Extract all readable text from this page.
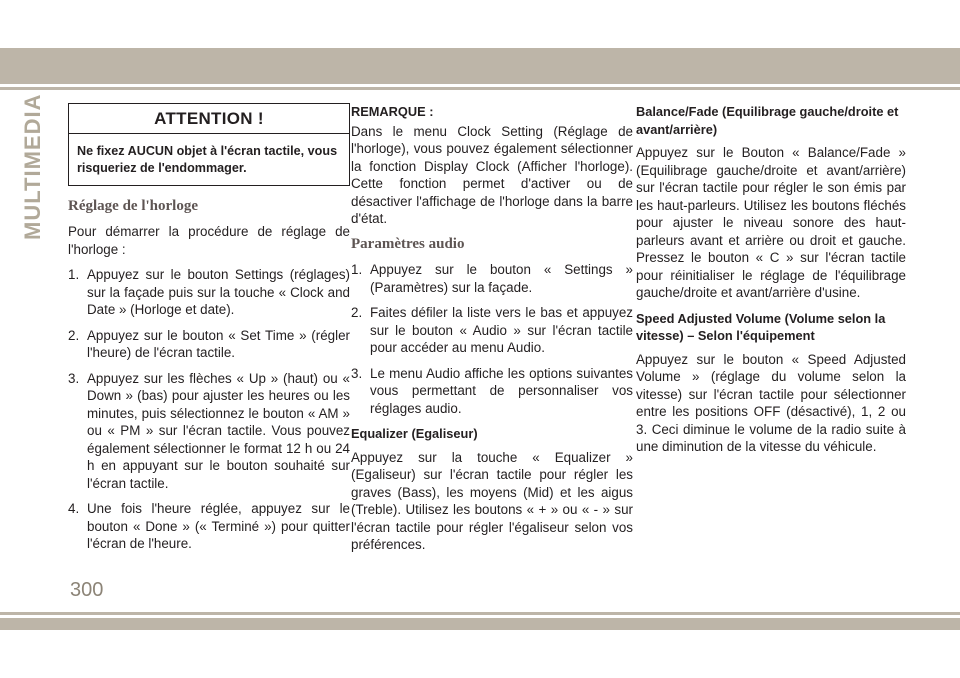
MULTIMEDIA	ATTENTION !
Ne fixez AUCUN objet à l'écran tactile, vous risqueriez de l'endommager.
Réglage de l'horloge

Pour démarrer la procédure de réglage de l'horloge :

1. Appuyez sur le bouton Settings (réglages) sur la façade puis sur la touche « Clock and Date » (Horloge et date).
2. Appuyez sur le bouton « Set Time » (régler l'heure) de l'écran tactile.
3. Appuyez sur les flèches « Up » (haut) ou « Down » (bas) pour ajuster les heures ou les minutes, puis sélectionnez le bouton « AM » ou « PM » sur l'écran tactile. Vous pouvez également sélectionner le format 12 h ou 24 h en appuyant sur le bouton souhaité sur l'écran tactile.
4. Une fois l'heure réglée, appuyez sur le bouton « Done » (« Terminé ») pour quitter l'écran de l'heure.
REMARQUE :

Dans le menu Clock Setting (Réglage de l'horloge), vous pouvez également sélectionner la fonction Display Clock (Afficher l'horloge). Cette fonction permet d'activer ou de désactiver l'affichage de l'horloge dans la barre d'état.

Paramètres audio
1. Appuyez sur le bouton « Settings » (Paramètres) sur la façade.
2. Faites défiler la liste vers le bas et appuyez sur le bouton « Audio » sur l'écran tactile pour accéder au menu Audio.
3. Le menu Audio affiche les options suivantes vous permettant de personnaliser vos réglages audio.
Equalizer (Egaliseur)

Appuyez sur la touche « Equalizer » (Egaliseur) sur l'écran tactile pour régler les graves (Bass), les moyens (Mid) et les aigus (Treble). Utilisez les boutons « + » ou « - » sur l'écran tactile pour régler l'égaliseur selon vos préférences.

Balance/Fade (Equilibrage gauche/droite et avant/arrière)

Appuyez sur le Bouton « Balance/Fade » (Equilibrage gauche/droite et avant/arrière) sur l'écran tactile pour régler le son émis par les haut-parleurs. Utilisez les boutons fléchés pour ajuster le niveau sonore des haut-parleurs avant et arrière ou droit et gauche. Pressez le bouton « C » sur l'écran tactile pour réinitialiser le réglage de l'équilibrage gauche/droite et avant/arrière d'usine.

Speed Adjusted Volume (Volume selon la vitesse) – Selon l'équipement

Appuyez sur le bouton « Speed Adjusted Volume » (réglage du volume selon la vitesse) sur l'écran tactile pour sélectionner entre les positions OFF (désactivé), 1, 2 ou 3. Ceci diminue le volume de la radio suite à une diminution de la vitesse du véhicule.

300
